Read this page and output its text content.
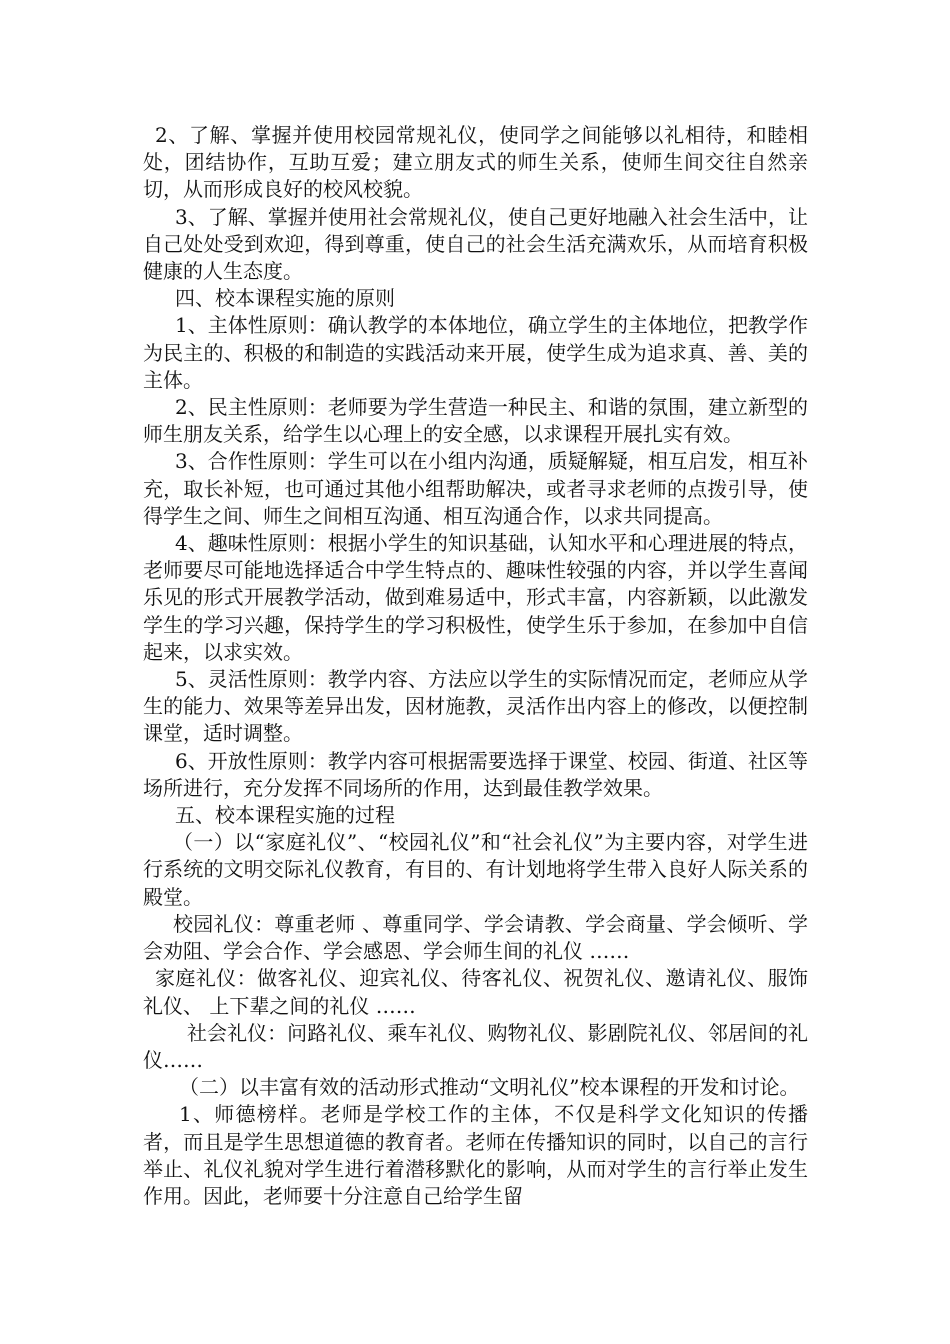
2、了解、掌握并使用校园常规礼仪，使同学之间能够以礼相待，和睦相处，团结协作，互助互爱；建立朋友式的师生关系，使师生间交往自然亲切，从而形成良好的校风校貌。

3、了解、掌握并使用社会常规礼仪，使自己更好地融入社会生活中，让自己处处受到欢迎，得到尊重，使自己的社会生活充满欢乐，从而培育积极健康的人生态度。

四、校本课程实施的原则

1、主体性原则：确认教学的本体地位，确立学生的主体地位，把教学作为民主的、积极的和制造的实践活动来开展，使学生成为追求真、善、美的主体。

2、民主性原则：老师要为学生营造一种民主、和谐的氛围，建立新型的师生朋友关系，给学生以心理上的安全感，以求课程开展扎实有效。

3、合作性原则：学生可以在小组内沟通，质疑解疑，相互启发，相互补充，取长补短，也可通过其他小组帮助解决，或者寻求老师的点拨引导，使得学生之间、师生之间相互沟通、相互沟通合作，以求共同提高。

4、趣味性原则：根据小学生的知识基础，认知水平和心理进展的特点，老师要尽可能地选择适合中学生特点的、趣味性较强的内容，并以学生喜闻乐见的形式开展教学活动，做到难易适中，形式丰富，内容新颖，以此激发学生的学习兴趣，保持学生的学习积极性，使学生乐于参加，在参加中自信起来，以求实效。

5、灵活性原则：教学内容、方法应以学生的实际情况而定，老师应从学生的能力、效果等差异出发，因材施教，灵活作出内容上的修改，以便控制课堂，适时调整。

6、开放性原则：教学内容可根据需要选择于课堂、校园、街道、社区等场所进行，充分发挥不同场所的作用，达到最佳教学效果。

五、校本课程实施的过程

（一）以“家庭礼仪”、“校园礼仪”和“社会礼仪”为主要内容，对学生进行系统的文明交际礼仪教育，有目的、有计划地将学生带入良好人际关系的殿堂。

校园礼仪：尊重老师 、尊重同学、学会请教、学会商量、学会倾听、学会劝阻、学会合作、学会感恩、学会师生间的礼仪 ……

家庭礼仪：做客礼仪、迎宾礼仪、待客礼仪、祝贺礼仪、邀请礼仪、服饰礼仪、 上下辈之间的礼仪 ……

社会礼仪：问路礼仪、乘车礼仪、购物礼仪、影剧院礼仪、邻居间的礼仪……

（二）以丰富有效的活动形式推动“文明礼仪”校本课程的开发和讨论。

1、师德榜样。老师是学校工作的主体，不仅是科学文化知识的传播者，而且是学生思想道德的教育者。老师在传播知识的同时，以自己的言行举止、礼仪礼貌对学生进行着潜移默化的影响，从而对学生的言行举止发生作用。因此，老师要十分注意自己给学生留
